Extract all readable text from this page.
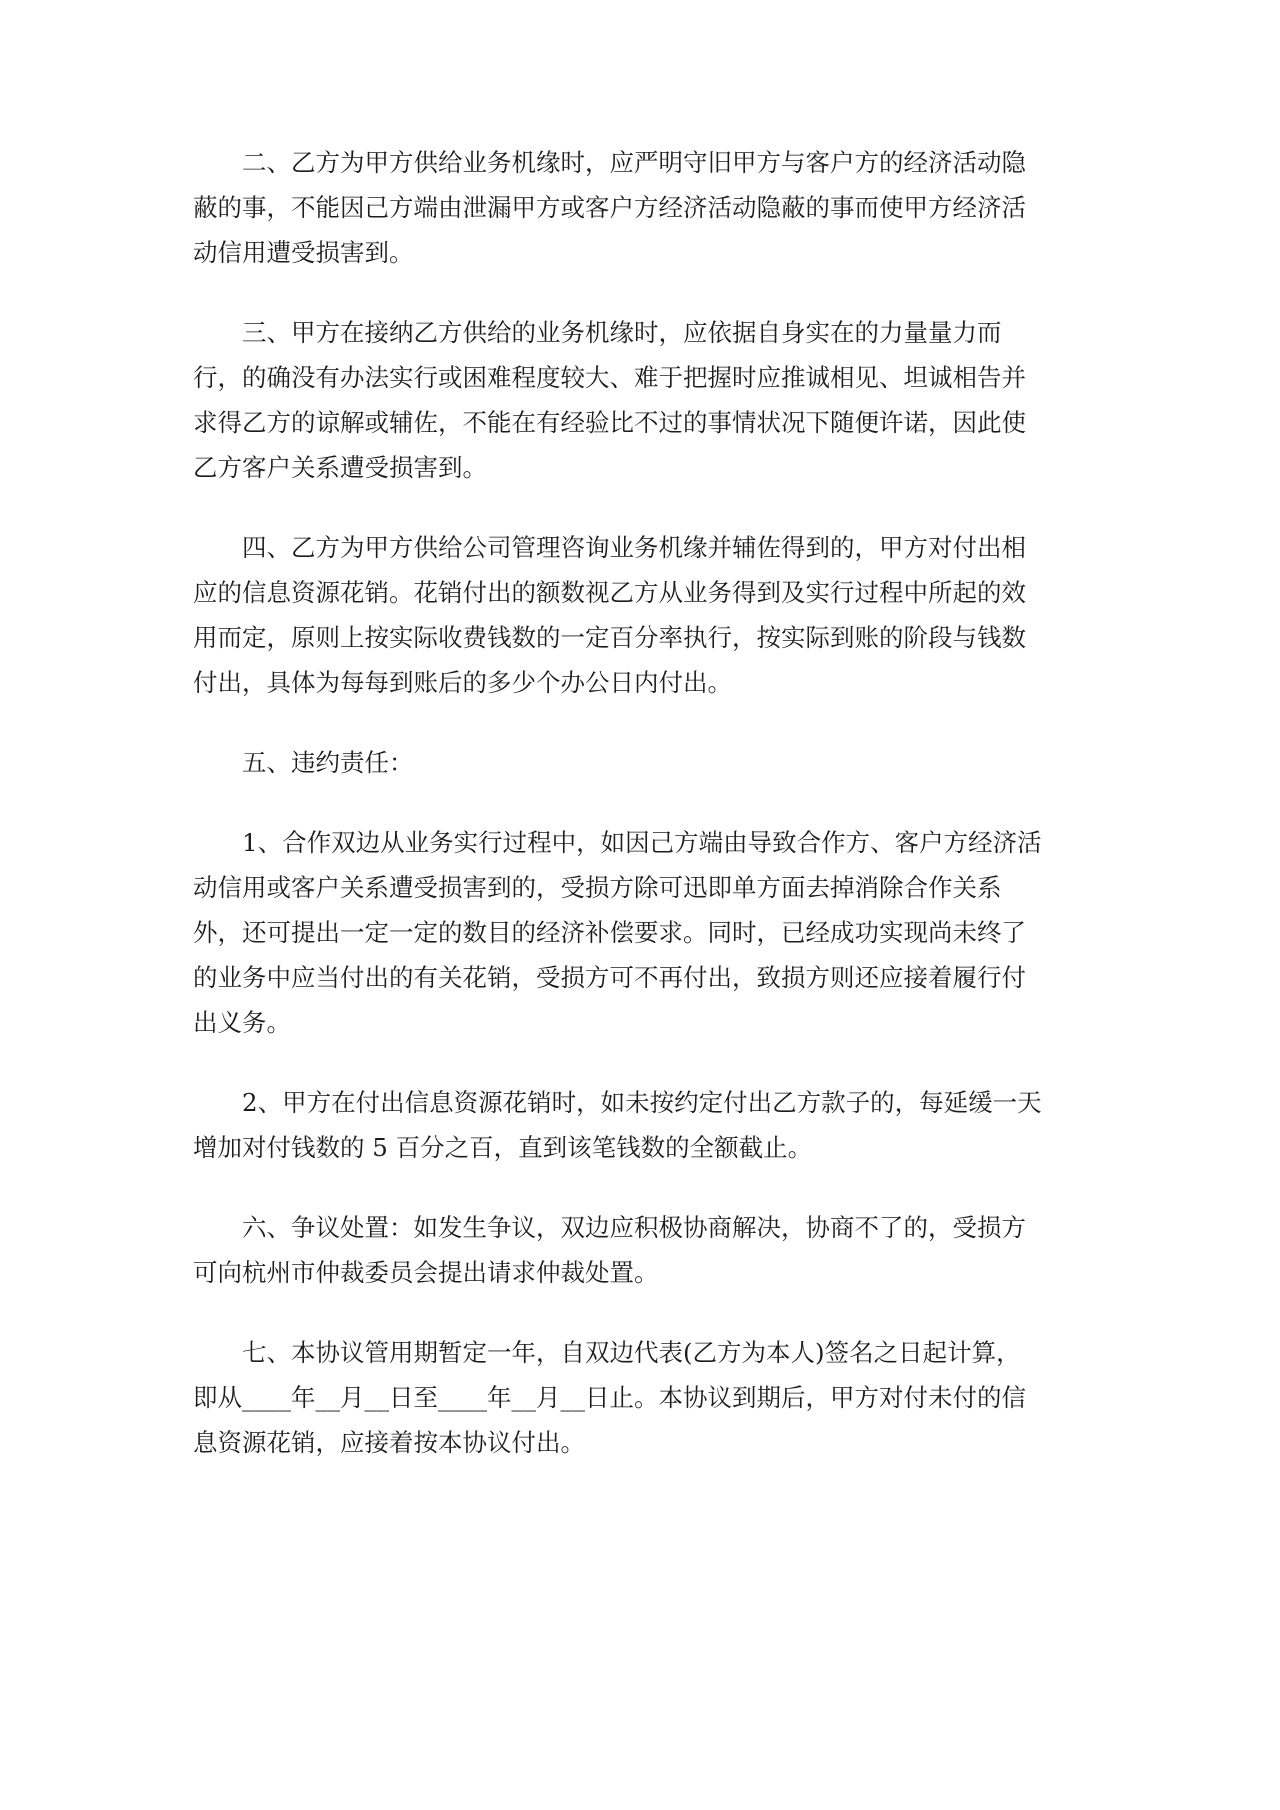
二、乙方为甲方供给业务机缘时，应严明守旧甲方与客户方的经济活动隐
蔽的事，不能因己方端由泄漏甲方或客户方经济活动隐蔽的事而使甲方经济活
动信用遭受损害到。
三、甲方在接纳乙方供给的业务机缘时，应依据自身实在的力量量力而
行，的确没有办法实行或困难程度较大、难于把握时应推诚相见、坦诚相告并
求得乙方的谅解或辅佐，不能在有经验比不过的事情状况下随便许诺，因此使
乙方客户关系遭受损害到。
四、乙方为甲方供给公司管理咨询业务机缘并辅佐得到的，甲方对付出相
应的信息资源花销。花销付出的额数视乙方从业务得到及实行过程中所起的效
用而定，原则上按实际收费钱数的一定百分率执行，按实际到账的阶段与钱数
付出，具体为每每到账后的多少个办公日内付出。
五、违约责任：
1、合作双边从业务实行过程中，如因己方端由导致合作方、客户方经济活
动信用或客户关系遭受损害到的，受损方除可迅即单方面去掉消除合作关系
外，还可提出一定一定的数目的经济补偿要求。同时，已经成功实现尚未终了
的业务中应当付出的有关花销，受损方可不再付出，致损方则还应接着履行付
出义务。
2、甲方在付出信息资源花销时，如未按约定付出乙方款子的，每延缓一天
增加对付钱数的 5 百分之百，直到该笔钱数的全额截止。
六、争议处置：如发生争议，双边应积极协商解决，协商不了的，受损方
可向杭州市仲裁委员会提出请求仲裁处置。
七、本协议管用期暂定一年，自双边代表(乙方为本人)签名之日起计算，
即从____年__月__日至____年__月__日止。本协议到期后，甲方对付未付的信
息资源花销，应接着按本协议付出。
